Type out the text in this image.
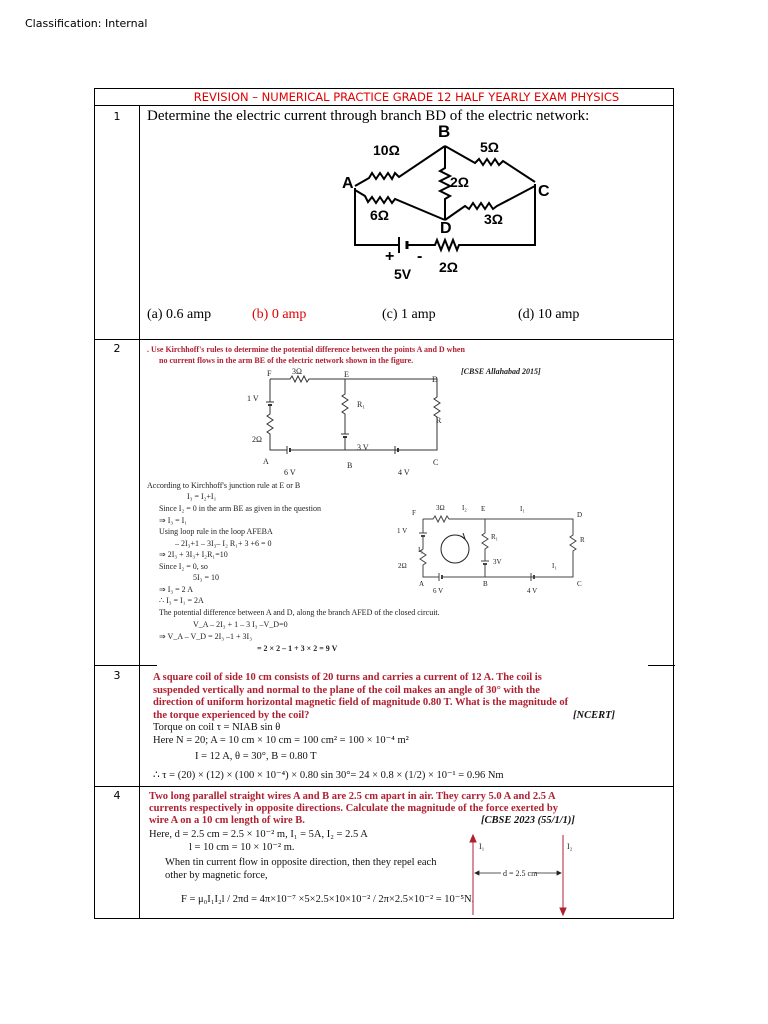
Classification: Internal
REVISION – NUMERICAL PRACTICE GRADE 12 HALF YEARLY EXAM PHYSICS
1	Determine the electric current through branch BD of the electric network:
B
A	C
D
10Ω	5Ω
2Ω
6Ω	3Ω
2Ω
5V
+ -
(a) 0.6 amp	(b) 0 amp	(c) 1 amp	(d) 10 amp
2	. Use Kirchhoff's rules to determine the potential difference between the points A and D when
no current flows in the arm BE of the electric network shown in the figure.
[CBSE Allahabad 2015]
F	3Ω	E
D
1 V
R₁
R
2Ω
3 V
A	B	C
6 V	4 V
According to Kirchhoff's junction rule at E or B
I₃ = I₂+I₁
Since I₂ = 0 in the arm BE as given in the question
⇒ I₃ = I₁
Using loop rule in the loop AFEBA
– 2I₃+1 – 3I₃– I₂ R₁+ 3 +6 = 0
⇒ 2I₃ + 3I₃+ I₂R₁=10
Since I₂ = 0, so
5I₃ = 10
⇒ I₃ = 2 A
∴ I₃ = I₁ = 2A
The potential difference between A and D, along the branch AFED of the closed circuit.
V_A – 2I₃ + 1 – 3 I₃ –V_D=0
⇒ V_A – V_D = 2I₃ –1 + 3I₃
= 2 × 2 – 1 + 3 × 2 = 9 V
F
3Ω I₂ E	I₁
D
1 V
R₁	R
I₃
2Ω	3V	I₁
A	B	C
6 V	4 V
3	A square coil of side 10 cm consists of 20 turns and carries a current of 12 A. The coil is
suspended vertically and normal to the plane of the coil makes an angle of 30° with the
direction of uniform horizontal magnetic field of magnitude 0.80 T. What is the magnitude of
the torque experienced by the coil?	[NCERT]
Torque on coil τ = NIAB sin θ
Here N = 20; A = 10 cm × 10 cm = 100 cm² = 100 × 10⁻⁴ m²
I = 12 A, θ = 30°, B = 0.80 T
∴ τ = (20) × (12) × (100 × 10⁻⁴) × 0.80 sin 30°= 24 × 0.8 × (1/2) × 10⁻¹ = 0.96 Nm
4	Two long parallel straight wires A and B are 2.5 cm apart in air. They carry 5.0 A and 2.5 A
currents respectively in opposite directions. Calculate the magnitude of the force exerted by
wire A on a 10 cm length of wire B.	[CBSE 2023 (55/1/1)]
Here, d = 2.5 cm = 2.5 × 10⁻² m, I₁ = 5A, I₂ = 2.5 A
l = 10 cm = 10 × 10⁻² m.
When tin current flow in opposite direction, then they repel each
other by magnetic force,
F = μ₀I₁I₂l / 2πd = 4π×10⁻⁷ ×5×2.5×10×10⁻² / 2π×2.5×10⁻² = 10⁻⁵N.
I₁	I₂
d = 2.5 cm
